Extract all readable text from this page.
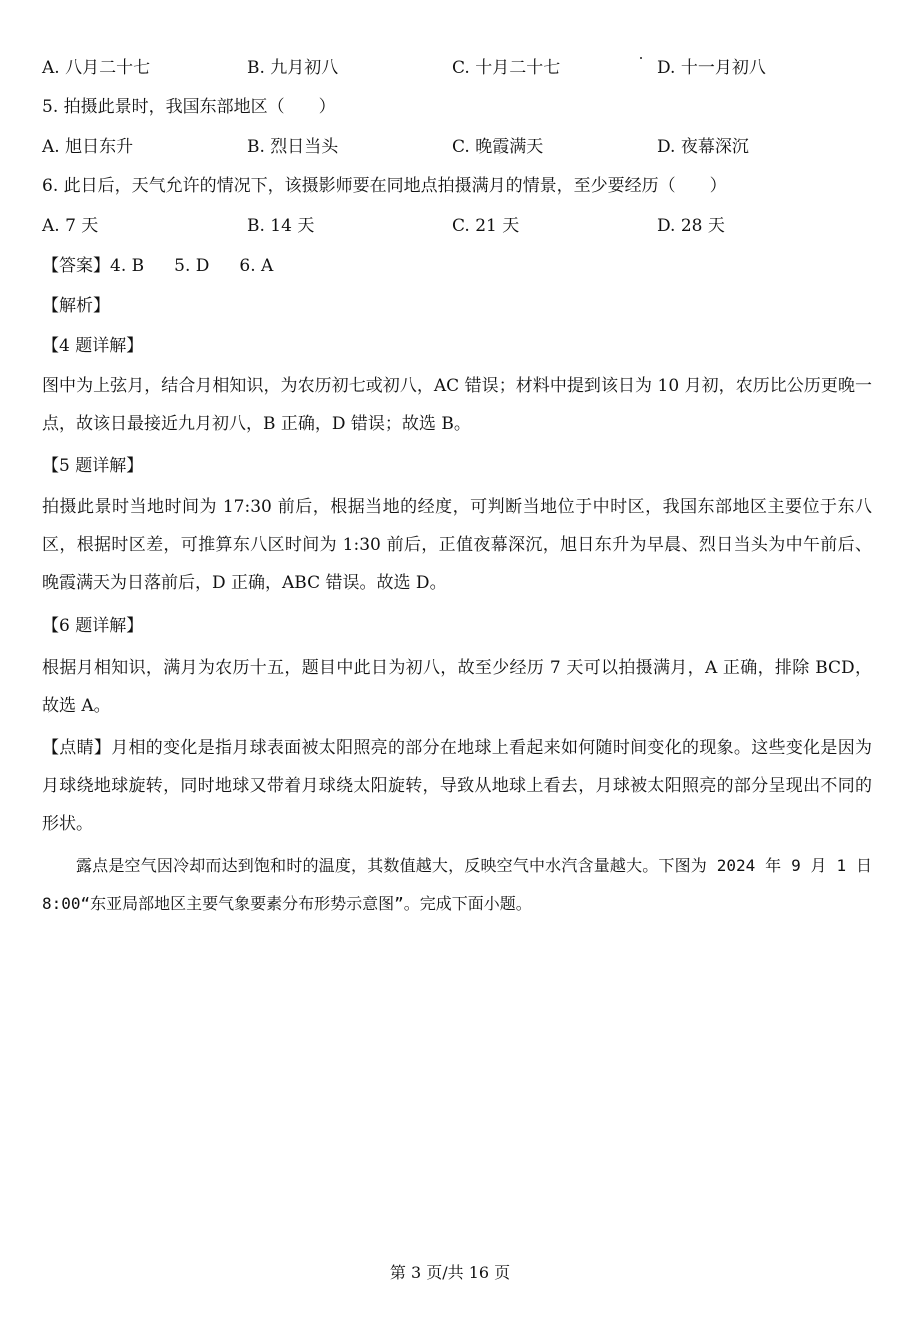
A. 八月二十七	B. 九月初八	C. 十月二十七	D. 十一月初八
5. 拍摄此景时，我国东部地区（　　）
A. 旭日东升	B. 烈日当头	C. 晚霞满天	D. 夜幕深沉
6. 此日后，天气允许的情况下，该摄影师要在同地点拍摄满月的情景，至少要经历（　　）
A. 7 天	B. 14 天	C. 21 天	D. 28 天
【答案】4. B 5. D 6. A
【解析】
【4 题详解】
图中为上弦月，结合月相知识，为农历初七或初八，AC 错误；材料中提到该日为 10 月初，农历比公历更晚一点，故该日最接近九月初八，B 正确，D 错误；故选 B。
【5 题详解】
拍摄此景时当地时间为 17:30 前后，根据当地的经度，可判断当地位于中时区，我国东部地区主要位于东八区，根据时区差，可推算东八区时间为 1:30 前后，正值夜幕深沉，旭日东升为早晨、烈日当头为中午前后、晚霞满天为日落前后，D 正确，ABC 错误。故选 D。
【6 题详解】
根据月相知识，满月为农历十五，题目中此日为初八，故至少经历 7 天可以拍摄满月，A 正确，排除 BCD，故选 A。
【点睛】月相的变化是指月球表面被太阳照亮的部分在地球上看起来如何随时间变化的现象。这些变化是因为月球绕地球旋转，同时地球又带着月球绕太阳旋转，导致从地球上看去，月球被太阳照亮的部分呈现出不同的形状。
露点是空气因冷却而达到饱和时的温度，其数值越大，反映空气中水汽含量越大。下图为 2024 年 9 月 1 日 8:00“东亚局部地区主要气象要素分布形势示意图”。完成下面小题。
第 3 页/共 16 页
